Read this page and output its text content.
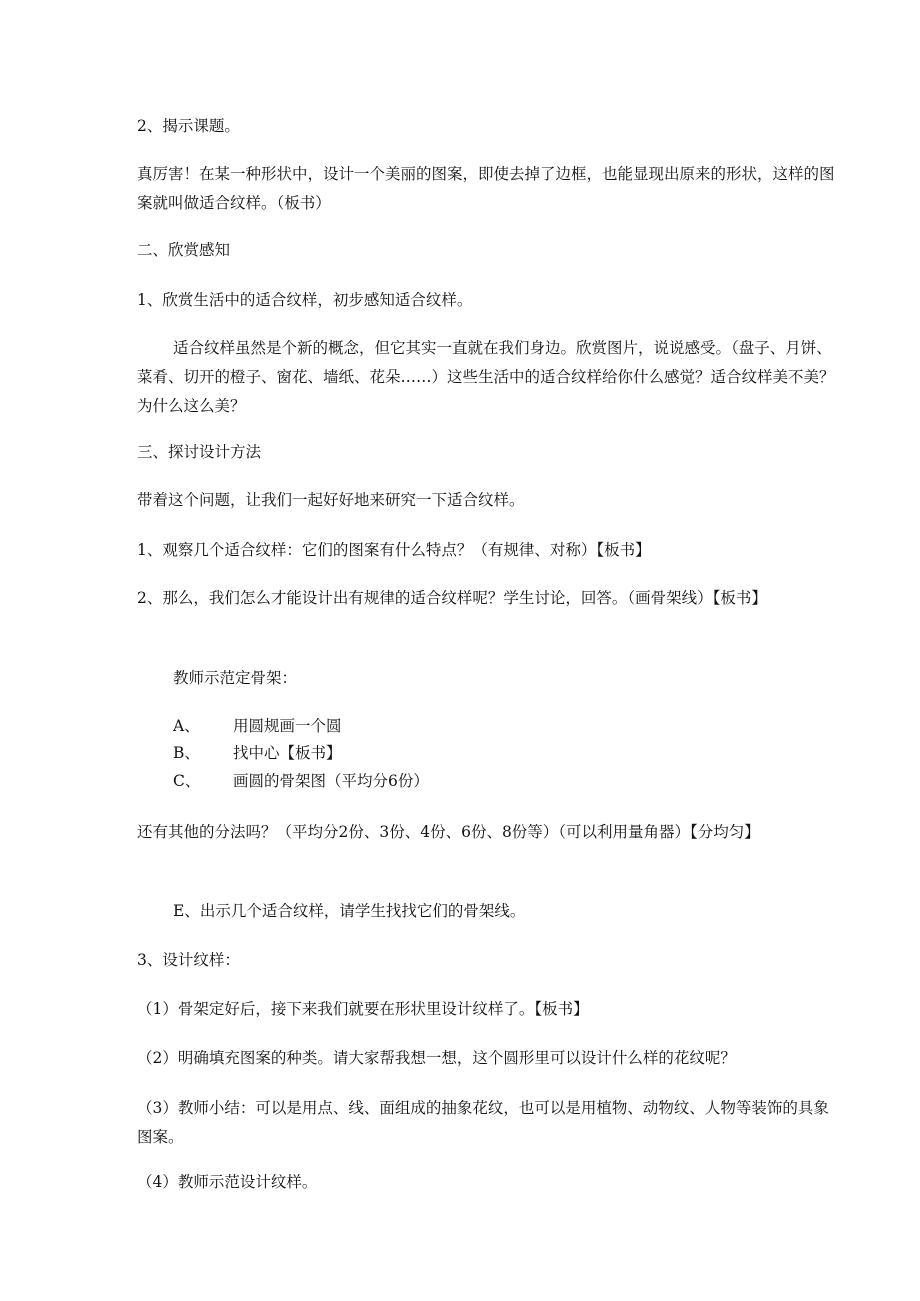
2、揭示课题。

真厉害！在某一种形状中，设计一个美丽的图案，即使去掉了边框，也能显现出原来的形状，这样的图案就叫做适合纹样。（板书）

二、欣赏感知

1、欣赏生活中的适合纹样，初步感知适合纹样。

适合纹样虽然是个新的概念，但它其实一直就在我们身边。欣赏图片，说说感受。（盘子、月饼、菜肴、切开的橙子、窗花、墙纸、花朵……）这些生活中的适合纹样给你什么感觉？适合纹样美不美？为什么这么美？

三、探讨设计方法

带着这个问题，让我们一起好好地来研究一下适合纹样。

1、观察几个适合纹样：它们的图案有什么特点？（有规律、对称）【板书】

2、那么，我们怎么才能设计出有规律的适合纹样呢？学生讨论，回答。（画骨架线）【板书】

教师示范定骨架：

A、 用圆规画一个圆
B、 找中心【板书】
C、 画圆的骨架图（平均分6份）

还有其他的分法吗？（平均分2份、3份、4份、6份、8份等）（可以利用量角器）【分均匀】

E、出示几个适合纹样，请学生找找它们的骨架线。

3、设计纹样：

（1）骨架定好后，接下来我们就要在形状里设计纹样了。【板书】

（2）明确填充图案的种类。请大家帮我想一想，这个圆形里可以设计什么样的花纹呢？

（3）教师小结：可以是用点、线、面组成的抽象花纹，也可以是用植物、动物纹、人物等装饰的具象图案。

（4）教师示范设计纹样。
